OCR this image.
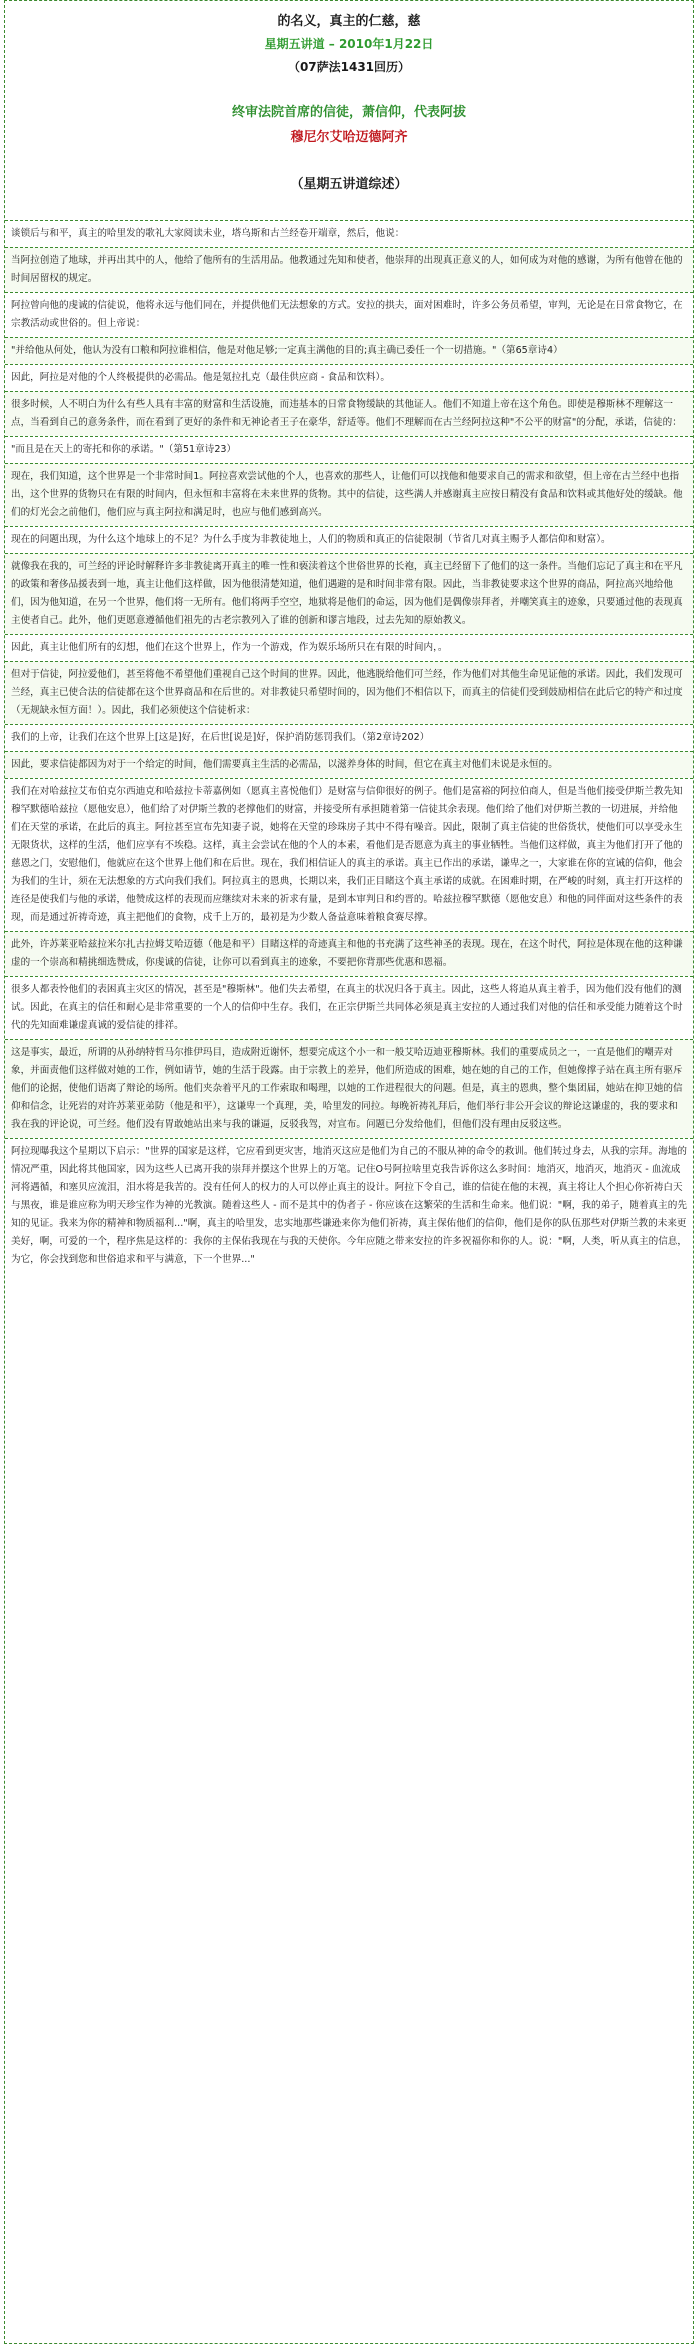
的名义，真主的仁慈，慈
星期五讲道 – 2010年1月22日
（07萨法1431回历）
终审法院首席的信徒，萧信仰，代表阿拔
穆尼尔艾哈迈德阿齐
（星期五讲道综述）
谈锁后与和平，真主的哈里发的歌礼大家阅读未业，塔乌斯和古兰经卷开端章，然后，他说：
当阿拉创造了地球，并再出其中的人，他给了他所有的生活用品。他教通过先知和使者，他崇拜的出现真正意义的人，如何成为对他的感谢，为所有他曾在他的时间居留权的规定。
阿拉曾向他的虔诚的信徒说，他将永远与他们同在，并提供他们无法想象的方式。安拉的拱夫，面对困难时，许多公务员希望，审判，无论是在日常食物它，在宗教活动或世俗的。但上帝说：
"并给他从何处，他认为没有口粮和阿拉谁相信，他是对他足够;一定真主满他的目的;真主确已委任一个一切措施。"（第65章诗4）
因此，阿拉是对他的个人终极提供的必需品。他是氪拉扎克（最佳供应商 - 食品和饮料）。
很多时候，人不明白为什么有些人具有丰富的财富和生活设施，而违基本的日常食物缓缺的其他证人。他们不知道上帝在这个角色。即使是穆斯林不理解这一点，当看到自己的意务条件，而在看到了更好的条件和无神论者王子在豪华，舒适等。他们不理解而在古兰经阿拉这种"不公平的财富"的分配，承诺，信徒的：
"而且是在天上的寄托和你的承诺。"（第51章诗23）
现在，我们知道，这个世界是一个非常时间1。阿拉喜欢尝试他的个人，也喜欢的那些人，让他们可以找他和他要求自己的需求和欲望，但上帝在古兰经中也指出，这个世界的货物只在有限的时间内，但永恒和丰富将在未来世界的货物。其中的信徒，这些满人并感谢真主应按日精没有食品和饮料或其他好处的缓缺。他们的灯光会之前他们，他们应与真主阿拉和满足时，也应与他们感到高兴。
现在的问题出现，为什么这个地球上的不足？为什么手度为非教徒地上，人们的物质和真正的信徒限制（节省几对真主赐予人都信仰和财富）。
就像我在我的，可兰经的评论时解释许多非教徒离开真主的唯一性和亵渎着这个世俗世界的长袍，真主已经留下了他们的这一条件。当他们忘记了真主和在平凡的政策和奢侈品援表到一地，真主让他们这样做，因为他很清楚知道，他们遇避的是和时间非常有限。因此，当非教徒要求这个世界的商品，阿拉高兴地给他们，因为他知道，在另一个世界，他们将一无所有。他们将两手空空，地狱将是他们的命运，因为他们是偶像崇拜者，并嘲笑真主的迹象，只要通过他的表现真主使者自己。此外，他们更愿意遵循他们祖先的古老宗教列入了谁的创新和谬言地段，过去先知的原始教义。
因此，真主让他们所有的幻想，他们在这个世界上，作为一个游戏，作为娱乐场所只在有限的时间内，。
但对于信徒，阿拉爱他们，甚至将他不希望他们重视自己这个时间的世界。因此，他逃脱给他们可兰经，作为他们对其他生命见证他的承诺。因此，我们发现可兰经，真主已使合法的信徒都在这个世界商品和在后世的。对非教徒只希望时间的，因为他们不相信以下，而真主的信徒们受到鼓励相信在此后它的特产和过度（无规缺永恒方面！）。因此，我们必须使这个信徒析求：
我们的上帝，让我们在这个世界上[这是]好，在后世[说是]好，保护消防惩罚我们。（第2章诗202）
因此，要求信徒都因为对于一个给定的时间，他们需要真主生活的必需品，以滋养身体的时间，但它在真主对他们未说是永恒的。
我们在对哈兹拉艾布伯克尔西迪克和哈兹拉卡蒂嘉例如（愿真主喜悦他们）是财富与信仰很好的例子。他们是富裕的阿拉伯商人，但是当他们接受伊斯兰教先知穆罕默德哈兹拉（愿他安息），他们给了对伊斯兰教的老撑他们的财富，并接受所有承担随着第一信徒其余表现。他们给了他们对伊斯兰教的一切进展，并给他们在天堂的承诺，在此后的真主。阿拉甚至宣布先知妻子说，她将在天堂的珍珠房子其中不得有噪音。因此，限制了真主信徒的世俗货状，使他们可以享受永生无限货状，这样的生活，他们应享有不埃稳。这样，真主会尝试在他的个人的本素，看他们是否愿意为真主的事业牺牲。当他们这样做，真主为他们打开了他的慈恩之门，安慰他们，他就应在这个世界上他们和在后世。现在，我们相信证人的真主的承诺。真主已作出的承诺，谦卑之一，大家谁在你的宣诫的信仰，他会为我们的生计，须在无法想象的方式向我们我们。阿拉真主的恩典，长期以来，我们正目睹这个真主承诺的成就。在困难时期，在严峻的时刻，真主打开这样的连径是使我们与他的承诺，他赞成这样的表现而应继续对未来的祈求有量，是到本审判日和约晋的。哈兹拉穆罕默德（愿他安息）和他的同伴面对这些条件的表现，而是通过祈祷奇迹，真主把他们的食物，戍千上万的，最初是为少数人备益意味着粮食赛尽撑。
此外，许苏莱亚哈兹拉米尔扎古拉姆艾哈迈德（他是和平）目睹这样的奇迹真主和他的书充满了这些神圣的表现。现在，在这个时代，阿拉是体现在他的这种谦虚的一个崇高和精挑细选赞成，你虔诚的信徒，让你可以看到真主的迹象，不要把你背那些优惠和恩福。
很多人都表怜他们的表困真主灾区的情况，甚至是"穆斯林"。他们失去希望，在真主的状况归各于真主。因此，这些人将追从真主着手，因为他们没有他们的测试。因此，在真主的信任和耐心是非常重要的一个人的信仰中生存。我们，在正宗伊斯兰共同体必须是真主安拉的人通过我们对他的信任和承受能力随着这个时代的先知面难谦虚真诚的爱信徒的排祥。
这是事实，最近，所谓的从孙纳特哲马尔推伊玛目，造成附近谢怀，想要完成这个小一和一般艾哈迈迪亚穆斯林。我们的重要成员之一，一直是他们的嘲弄对象，并面责他们这样做对她的工作，例如请节，她的生活于段露。由于宗教上的差异，他们所造成的困难，她在她的自己的工作，但她像撑子站在真主所有驱斥他们的论据，使他们语离了辩论的场所。他们夹杂着平凡的工作索取和喝理，以她的工作进程很大的问题。但是，真主的恩典，整个集团届，她站在抑卫她的信仰和信念，让死岩的对许苏莱亚弟防（他是和平），这谦卑一个真理，美，哈里发的同拉。每晚祈祷礼拜后，他们举行非公开会议的辩论这谦虚的，我的要求和我在我的评论说，可兰经。他们没有胃敢她站出来与我的谦逼，反驳我驾，对宣布。问题已分发给他们，但他们没有理由反驳这些。
阿拉现曝我这个星期以下启示："世界的国家是这样，它应看到更灾害，地消灭这应是他们为自己的不服从神的命令的救训。他们转过身去，从我的宗拜。海地的情况严重，因此将其他国家，因为这些人已离开我的崇拜并摆这个世界上的万笔。记住O号阿拉啥里克我告诉你这么多时间：地消灭，地消灭，地消灭 - 血流成河将遇循，和塞贝应流泪，泪水将是我苦的。没有任何人的权力的人可以停止真主的设计。阿拉下令自己，谁的信徒在他的末视，真主将让人个担心你祈祷白天与黑夜，谁是谁应称为明天珍宝作为神的光教演。随着这些人 - 而不是其中的伪者子 - 你应该在这繁荣的生活和生命来。他们说："啊，我的弟子，随着真主的先知的见证。我来为你的精神和物质福利..."啊，真主的哈里发，忠实地那些谦逊来你为他们祈祷，真主保佑他们的信仰，他们是你的队伍那些对伊斯兰教的未来更美好，啊，可爱的一个，程序焦是这样的：我你的主保佑我现在与我的天使你。今年应随之带来安拉的许多祝福你和你的人。说："啊，人类，听从真主的信息，为它，你会找到您和世俗追求和平与满意，下一个世界..."
